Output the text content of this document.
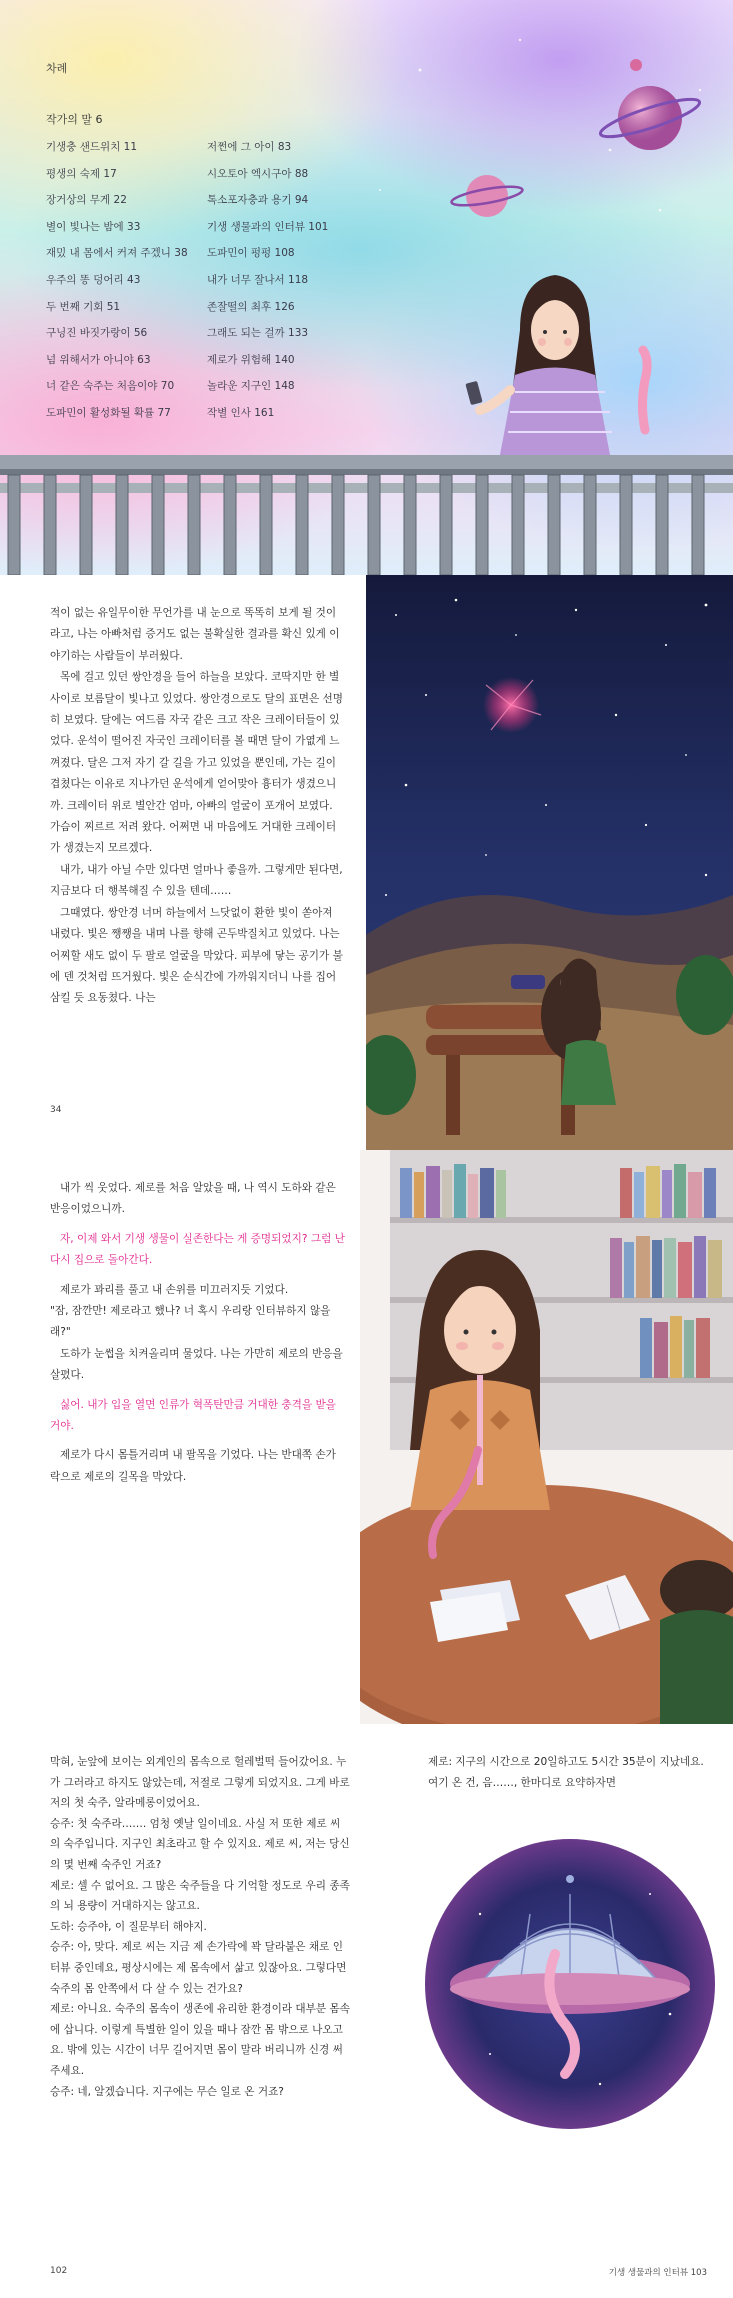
차례
작가의 말 6
기생충 샌드위치 11
평생의 숙제 17
장거상의 무게 22
별이 빛나는 밤에 33
재밌 내 몸에서 커져 주겠니 38
우주의 똥 덩어리 43
두 번째 기회 51
구닝진 바짓가랑이 56
넘 위해서가 아니야 63
너 같은 숙주는 처음이야 70
도파민이 활성화될 확률 77
저쩐에 그 아이 83
시오토아 엑시구아 88
톡소포자충과 용기 94
기생 생물과의 인터뷰 101
도파민이 펑펑 108
내가 너무 잘나서 118
존잘떨의 최후 126
그래도 되는 걸까 133
제로가 위험해 140
놀라운 지구인 148
작별 인사 161

적이 없는 유일무이한 무언가를 내 눈으로 똑똑히 보게 될 것이라고, 나는 아빠처럼 증거도 없는 불확실한 결과를 확신 있게 이야기하는 사람들이 부러웠다.

목에 걸고 있던 쌍안경을 들어 하늘을 보았다. 코딱지만 한 별 사이로 보름달이 빛나고 있었다. 쌍안경으로도 달의 표면은 선명히 보였다. 달에는 여드름 자국 같은 크고 작은 크레이터들이 있었다. 운석이 떨어진 자국인 크레이터를 볼 때면 달이 가엾게 느껴졌다. 달은 그저 자기 갈 길을 가고 있었을 뿐인데, 가는 길이 겹쳤다는 이유로 지나가던 운석에게 얻어맞아 흉터가 생겼으니까. 크레이터 위로 별안간 엄마, 아빠의 얼굴이 포개어 보였다. 가슴이 찌르르 저려 왔다. 어쩌면 내 마음에도 거대한 크레이터가 생겼는지 모르겠다.

내가, 내가 아닐 수만 있다면 얼마나 좋을까. 그렇게만 된다면, 지금보다 더 행복해질 수 있을 텐데……

그때였다. 쌍안경 너머 하늘에서 느닷없이 환한 빛이 쏟아져 내렸다. 빛은 쨍쨍을 내며 나를 향해 곤두박질치고 있었다. 나는 어찌할 새도 없이 두 팔로 얼굴을 막았다. 피부에 닿는 공기가 불에 덴 것처럼 뜨거웠다. 빛은 순식간에 가까워지더니 나를 집어삼킬 듯 요동쳤다. 나는

34

내가 씩 웃었다. 제로를 처음 알았을 때, 나 역시 도하와 같은 반응이었으니까.

자, 이제 와서 기생 생물이 실존한다는 게 증명되었지? 그럼 난 다시 집으로 돌아간다.

제로가 꽈리를 풀고 내 손위를 미끄러지듯 기었다.

"잠, 잠깐만! 제로라고 했나? 너 혹시 우리랑 인터뷰하지 않을래?"

도하가 눈썹을 치켜올리며 물었다. 나는 가만히 제로의 반응을 살폈다.

싫어. 내가 입을 열면 인류가 혁폭탄만큼 거대한 충격을 받을 거야.

제로가 다시 몸틀거리며 내 팔목을 기었다. 나는 반대쪽 손가락으로 제로의 길목을 막았다.

막혀, 눈앞에 보이는 외계인의 몸속으로 헐레벌떡 들어갔어요. 누가 그러라고 하지도 않았는데, 저절로 그렇게 되었지요. 그게 바로 저의 첫 숙주, 알라메롱이었어요.

승주: 첫 숙주라……. 엄청 옛날 일이네요. 사실 저 또한 제로 씨의 숙주입니다. 지구인 최초라고 할 수 있지요. 제로 씨, 저는 당신의 몇 번째 숙주인 거죠?

제로: 셀 수 없어요. 그 많은 숙주들을 다 기억할 정도로 우리 종족의 뇌 용량이 거대하지는 않고요.

도하: 승주야, 이 질문부터 해야지.

승주: 아, 맞다. 제로 씨는 지금 제 손가락에 꽉 달라붙은 채로 인터뷰 중인데요, 평상시에는 제 몸속에서 삶고 있잖아요. 그렇다면 숙주의 몸 안쪽에서 다 살 수 있는 건가요?

제로: 아니요. 숙주의 몸속이 생존에 유리한 환경이라 대부분 몸속에 삽니다. 이렇게 특별한 일이 있을 때나 잠깐 몸 밖으로 나오고요. 밖에 있는 시간이 너무 길어지면 몸이 말라 버리니까 신경 써 주세요.

승주: 네, 알겠습니다. 지구에는 무슨 일로 온 거죠?

제로: 지구의 시간으로 20일하고도 5시간 35분이 지났네요. 여기 온 건, 음……, 한마디로 요약하자면

102	기생 생물과의 인터뷰 103
